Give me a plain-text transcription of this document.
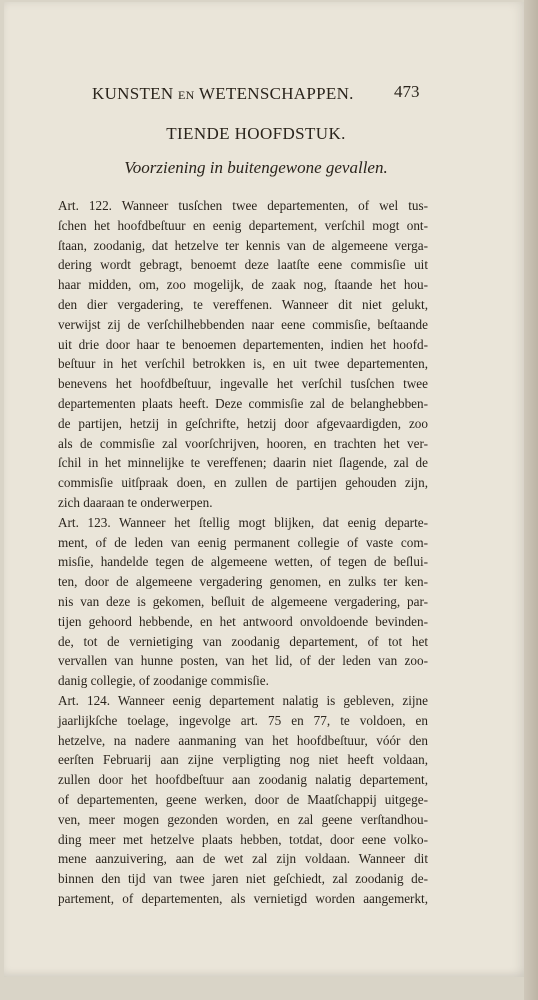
KUNSTEN EN WETENSCHAPPEN.	473
TIENDE HOOFDSTUK.
Voorziening in buitengewone gevallen.

Art. 122. Wanneer tusſchen twee departementen, of wel tus-
ſchen het hoofdbeſtuur en eenig departement, verſchil mogt ont-
ſtaan, zoodanig, dat hetzelve ter kennis van de algemeene verga-
dering wordt gebragt, benoemt deze laatſte eene commisſie uit
haar midden, om, zoo mogelijk, de zaak nog, ſtaande het hou-
den dier vergadering, te vereffenen. Wanneer dit niet gelukt,
verwijst zij de verſchilhebbenden naar eene commisſie, beſtaande
uit drie door haar te benoemen departementen, indien het hoofd-
beſtuur in het verſchil betrokken is, en uit twee departementen,
benevens het hoofdbeſtuur, ingevalle het verſchil tusſchen twee
departementen plaats heeft. Deze commisſie zal de belanghebben-
de partijen, hetzij in geſchrifte, hetzij door afgevaardigden, zoo
als de commisſie zal voorſchrijven, hooren, en trachten het ver-
ſchil in het minnelijke te vereffenen; daarin niet ſlagende, zal de
commisſie uitſpraak doen, en zullen de partijen gehouden zijn,
zich daaraan te onderwerpen.

Art. 123. Wanneer het ſtellig mogt blijken, dat eenig departe-
ment, of de leden van eenig permanent collegie of vaste com-
misſie, handelde tegen de algemeene wetten, of tegen de beſlui-
ten, door de algemeene vergadering genomen, en zulks ter ken-
nis van deze is gekomen, beſluit de algemeene vergadering, par-
tijen gehoord hebbende, en het antwoord onvoldoende bevinden-
de, tot de vernietiging van zoodanig departement, of tot het
vervallen van hunne posten, van het lid, of der leden van zoo-
danig collegie, of zoodanige commisſie.

Art. 124. Wanneer eenig departement nalatig is gebleven, zijne
jaarlijkſche toelage, ingevolge art. 75 en 77, te voldoen, en
hetzelve, na nadere aanmaning van het hoofdbeſtuur, vóór den
eerſten Februarij aan zijne verpligting nog niet heeft voldaan,
zullen door het hoofdbeſtuur aan zoodanig nalatig departement,
of departementen, geene werken, door de Maatſchappij uitgege-
ven, meer mogen gezonden worden, en zal geene verſtandhou-
ding meer met hetzelve plaats hebben, totdat, door eene volko-
mene aanzuivering, aan de wet zal zijn voldaan. Wanneer dit
binnen den tijd van twee jaren niet geſchiedt, zal zoodanig de-
partement, of departementen, als vernietigd worden aangemerkt,
